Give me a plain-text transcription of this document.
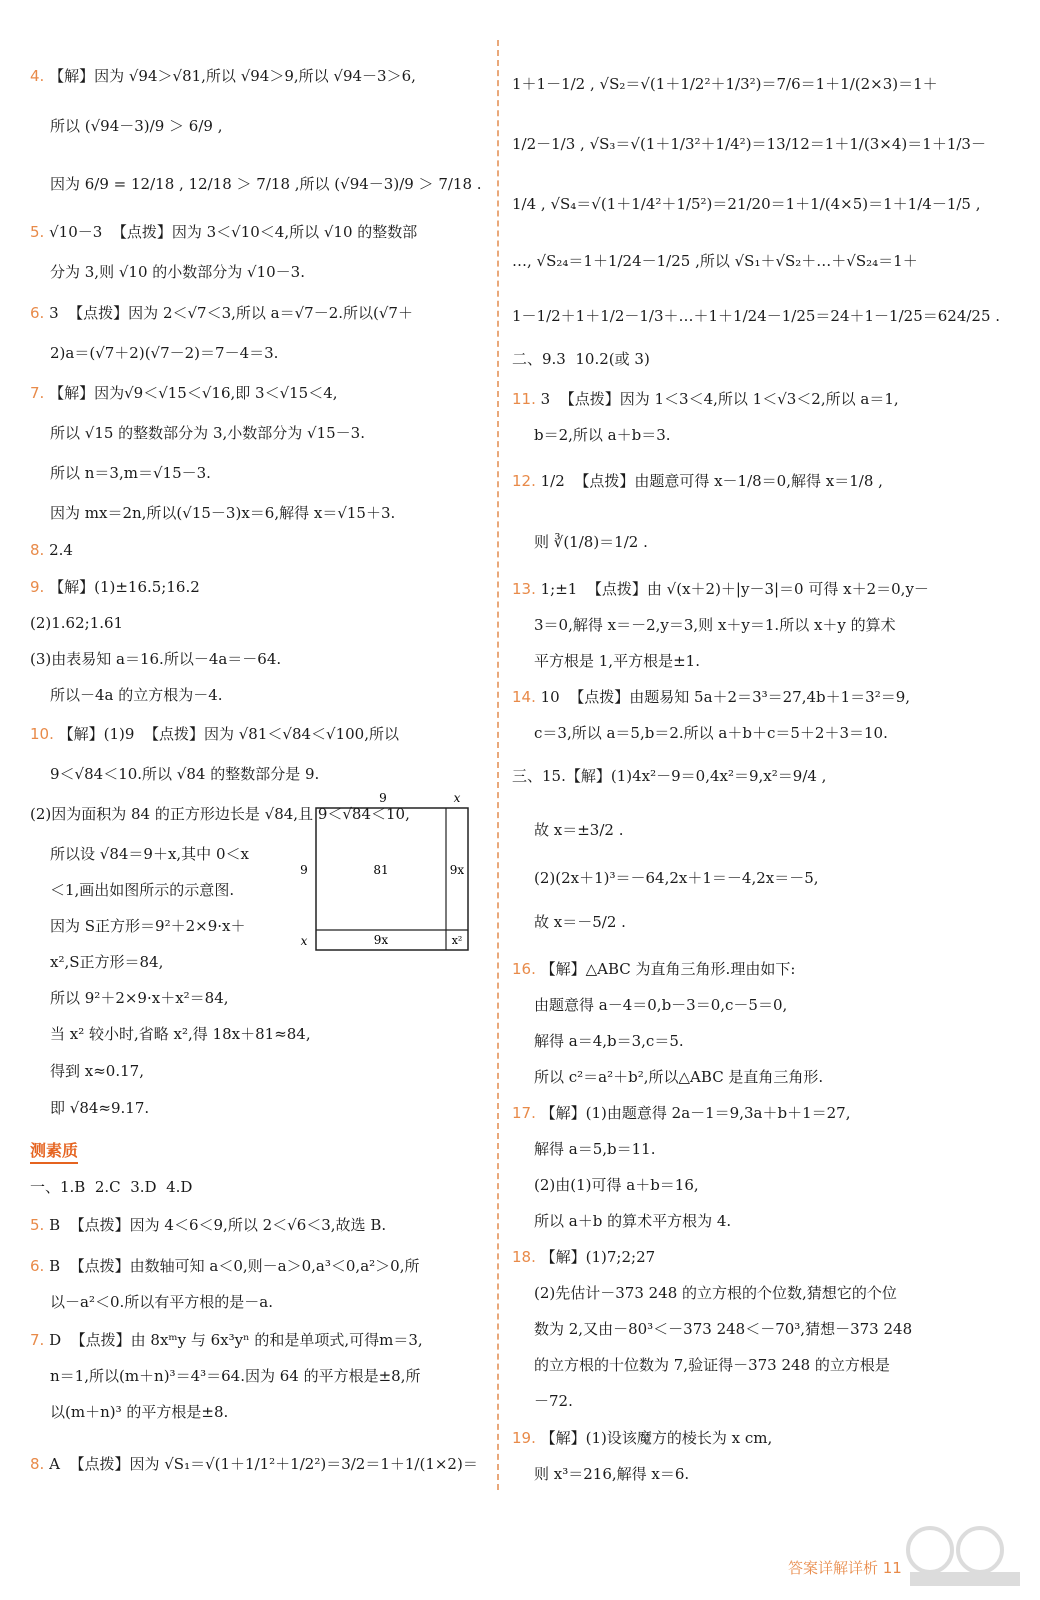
4. 【解】因为 √94＞√81,所以 √94＞9,所以 √94－3＞6,
所以 (√94－3)/9 ＞ 6/9 ,
因为 6/9 = 12/18 , 12/18 ＞ 7/18 ,所以 (√94－3)/9 ＞ 7/18 .
5. √10－3  【点拨】因为 3＜√10＜4,所以 √10 的整数部
分为 3,则 √10 的小数部分为 √10－3.
6. 3  【点拨】因为 2＜√7＜3,所以 a＝√7－2.所以(√7＋
2)a＝(√7＋2)(√7－2)＝7－4＝3.
7. 【解】因为√9＜√15＜√16,即 3＜√15＜4,
所以 √15 的整数部分为 3,小数部分为 √15－3.
所以 n＝3,m＝√15－3.
因为 mx＝2n,所以(√15－3)x＝6,解得 x＝√15＋3.
8. 2.4
9. 【解】(1)±16.5;16.2
(2)1.62;1.61
(3)由表易知 a＝16.所以－4a＝－64.
所以－4a 的立方根为－4.
10. 【解】(1)9  【点拨】因为 √81＜√84＜√100,所以
9＜√84＜10.所以 √84 的整数部分是 9.
(2)因为面积为 84 的正方形边长是 √84,且 9＜√84＜10,
所以设 √84＝9＋x,其中 0＜x
＜1,画出如图所示的示意图.
因为 S正方形＝9²＋2×9·x＋
x²,S正方形＝84,
所以 9²＋2×9·x＋x²＝84,
当 x² 较小时,省略 x²,得 18x＋81≈84,
得到 x≈0.17,
即 √84≈9.17.
一、1.B  2.C  3.D  4.D
5. B  【点拨】因为 4＜6＜9,所以 2＜√6＜3,故选 B.
6. B  【点拨】由数轴可知 a＜0,则－a＞0,a³＜0,a²＞0,所
以－a²＜0.所以有平方根的是－a.
7. D  【点拨】由 8xᵐy 与 6x³yⁿ 的和是单项式,可得m＝3,
n＝1,所以(m＋n)³＝4³＝64.因为 64 的平方根是±8,所
以(m＋n)³ 的平方根是±8.
8. A  【点拨】因为 √S₁＝√(1＋1/1²＋1/2²)＝3/2＝1＋1/(1×2)＝
测素质
1＋1－1/2 , √S₂＝√(1＋1/2²＋1/3²)＝7/6＝1＋1/(2×3)＝1＋
1/2－1/3 , √S₃＝√(1＋1/3²＋1/4²)＝13/12＝1＋1/(3×4)＝1＋1/3－
1/4 , √S₄＝√(1＋1/4²＋1/5²)＝21/20＝1＋1/(4×5)＝1＋1/4－1/5 ,
…, √S₂₄＝1＋1/24－1/25 ,所以 √S₁＋√S₂＋…＋√S₂₄＝1＋
1－1/2＋1＋1/2－1/3＋…＋1＋1/24－1/25＝24＋1－1/25＝624/25 .
二、9.3  10.2(或 3)
11. 3  【点拨】因为 1＜3＜4,所以 1＜√3＜2,所以 a＝1,
b＝2,所以 a＋b＝3.
12. 1/2  【点拨】由题意可得 x－1/8＝0,解得 x＝1/8 ,
则 ∛(1/8)＝1/2 .
13. 1;±1  【点拨】由 √(x＋2)＋|y－3|＝0 可得 x＋2＝0,y－
3＝0,解得 x＝－2,y＝3,则 x＋y＝1.所以 x＋y 的算术
平方根是 1,平方根是±1.
14. 10  【点拨】由题易知 5a＋2＝3³＝27,4b＋1＝3²＝9,
c＝3,所以 a＝5,b＝2.所以 a＋b＋c＝5＋2＋3＝10.
三、15.【解】(1)4x²－9＝0,4x²＝9,x²＝9/4 ,
故 x＝±3/2 .
(2)(2x＋1)³＝－64,2x＋1＝－4,2x＝－5,
故 x＝－5/2 .
16. 【解】△ABC 为直角三角形.理由如下:
由题意得 a－4＝0,b－3＝0,c－5＝0,
解得 a＝4,b＝3,c＝5.
所以 c²＝a²＋b²,所以△ABC 是直角三角形.
17. 【解】(1)由题意得 2a－1＝9,3a＋b＋1＝27,
解得 a＝5,b＝11.
(2)由(1)可得 a＋b＝16,
所以 a＋b 的算术平方根为 4.
18. 【解】(1)7;2;27
(2)先估计－373 248 的立方根的个位数,猜想它的个位
数为 2,又由－80³＜－373 248＜－70³,猜想－373 248
的立方根的十位数为 7,验证得－373 248 的立方根是
－72.
19. 【解】(1)设该魔方的棱长为 x cm,
则 x³＝216,解得 x＝6.
9	x
9
x
81	9x
9x	x²
答案详解详析 11
